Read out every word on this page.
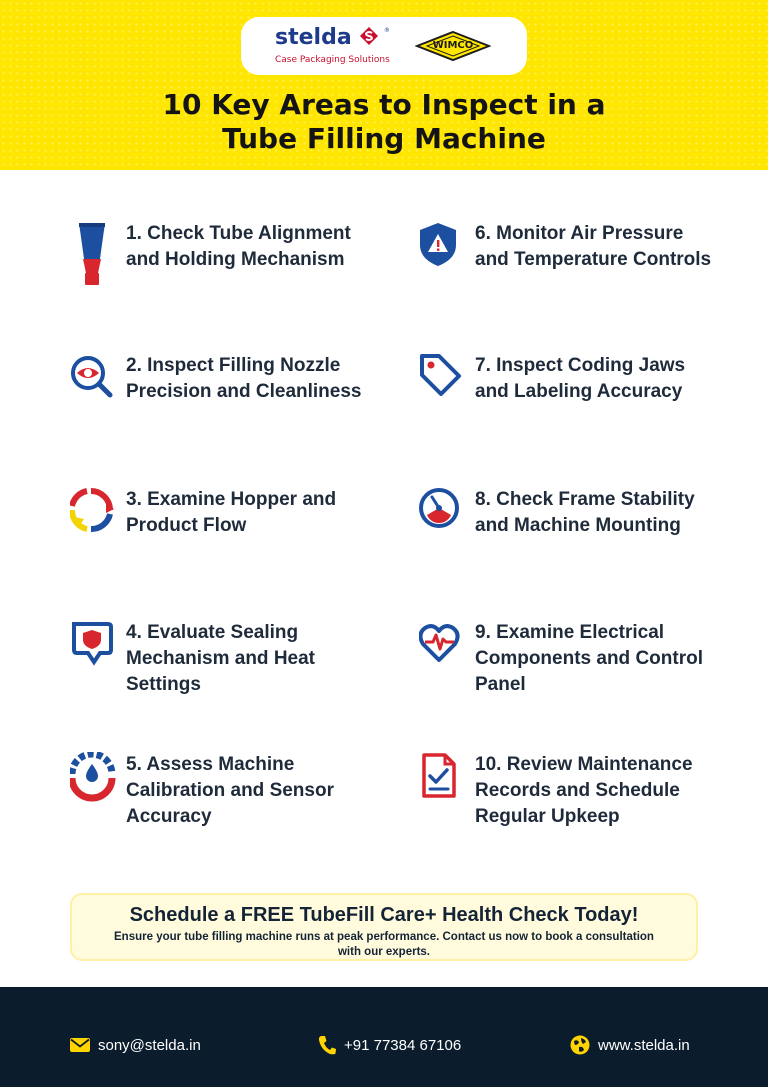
stelda	®
Case Packaging Solutions
WIMCO
10 Key Areas to Inspect in a
Tube Filling Machine
1. Check Tube Alignment and Holding Mechanism
2. Inspect Filling Nozzle Precision and Cleanliness
3. Examine Hopper and Product Flow
4. Evaluate Sealing Mechanism and Heat Settings
5. Assess Machine Calibration and Sensor Accuracy
6. Monitor Air Pressure and Temperature Controls
7. Inspect Coding Jaws and Labeling Accuracy
8. Check Frame Stability and Machine Mounting
9. Examine Electrical Components and Control Panel
10. Review Maintenance Records and Schedule Regular Upkeep
Schedule a FREE TubeFill Care+ Health Check Today!
Ensure your tube filling machine runs at peak performance. Contact us now to book a consultation with our experts.
sony@stelda.in	+91 77384 67106	www.stelda.in
